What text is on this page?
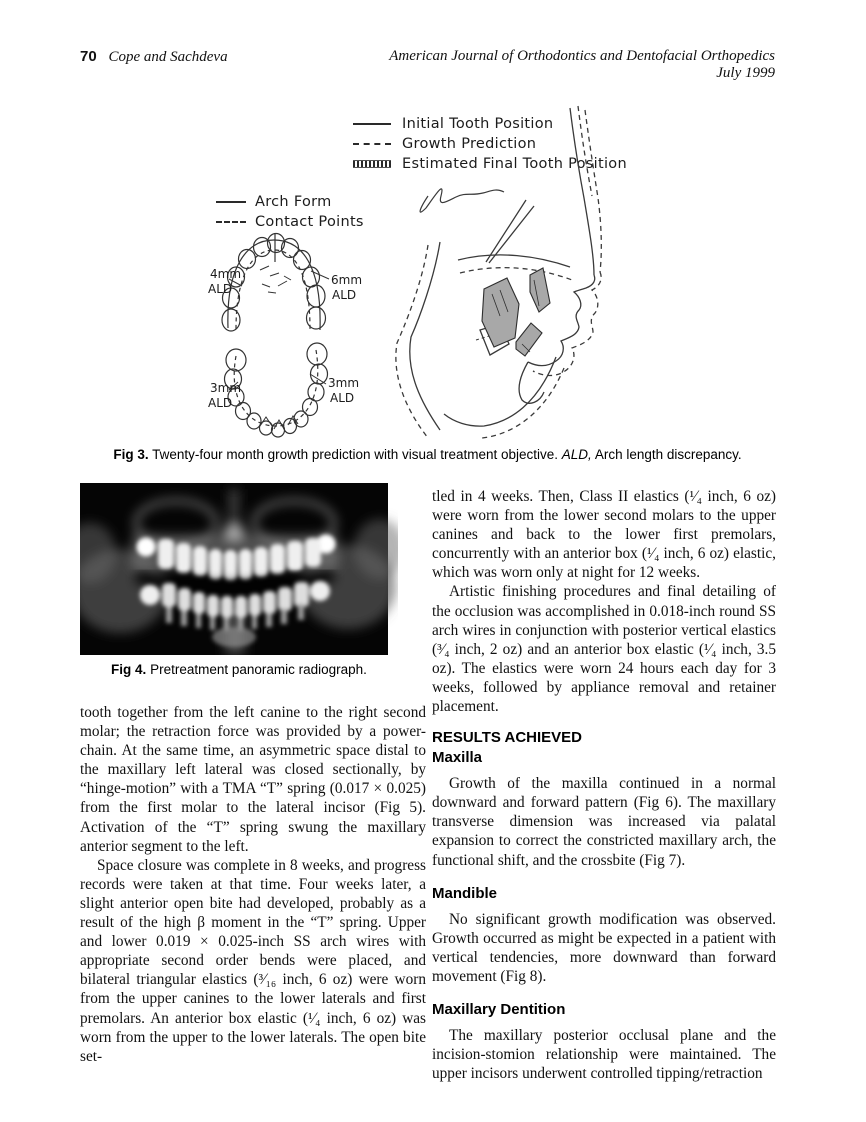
70 Cope and Sachdeva	American Journal of Orthodontics and Dentofacial Orthopedics
July 1999
Initial Tooth Position
Growth Prediction
Estimated Final Tooth Position
Arch Form
Contact Points
4mm
ALD
6mm
ALD
3mm
ALD
3mm
ALD
Fig 3. Twenty-four month growth prediction with visual treatment objective. ALD, Arch length discrepancy.
Fig 4. Pretreatment panoramic radiograph.

tooth together from the left canine to the right second molar; the retraction force was provided by a power-chain. At the same time, an asymmetric space distal to the maxillary left lateral was closed sectionally, by “hinge-motion” with a TMA “T” spring (0.017 × 0.025) from the first molar to the lateral incisor (Fig 5). Activation of the “T” spring swung the maxillary anterior segment to the left.

Space closure was complete in 8 weeks, and progress records were taken at that time. Four weeks later, a slight anterior open bite had developed, probably as a result of the high β moment in the “T” spring. Upper and lower 0.019 × 0.025-inch SS arch wires with appropriate second order bends were placed, and bilateral triangular elastics (³⁄₁₆ inch, 6 oz) were worn from the upper canines to the lower laterals and first premolars. An anterior box elastic (¹⁄₄ inch, 6 oz) was worn from the upper to the lower laterals. The open bite set-

tled in 4 weeks. Then, Class II elastics (¹⁄₄ inch, 6 oz) were worn from the lower second molars to the upper canines and back to the lower first premolars, concurrently with an anterior box (¹⁄₄ inch, 6 oz) elastic, which was worn only at night for 12 weeks.

Artistic finishing procedures and final detailing of the occlusion was accomplished in 0.018-inch round SS arch wires in conjunction with posterior vertical elastics (³⁄₄ inch, 2 oz) and an anterior box elastic (¹⁄₄ inch, 3.5 oz). The elastics were worn 24 hours each day for 3 weeks, followed by appliance removal and retainer placement.

RESULTS ACHIEVED
Maxilla

Growth of the maxilla continued in a normal downward and forward pattern (Fig 6). The maxillary transverse dimension was increased via palatal expansion to correct the constricted maxillary arch, the functional shift, and the crossbite (Fig 7).

Mandible

No significant growth modification was observed. Growth occurred as might be expected in a patient with vertical tendencies, more downward than forward movement (Fig 8).

Maxillary Dentition

The maxillary posterior occlusal plane and the incision-stomion relationship were maintained. The upper incisors underwent controlled tipping/retraction
